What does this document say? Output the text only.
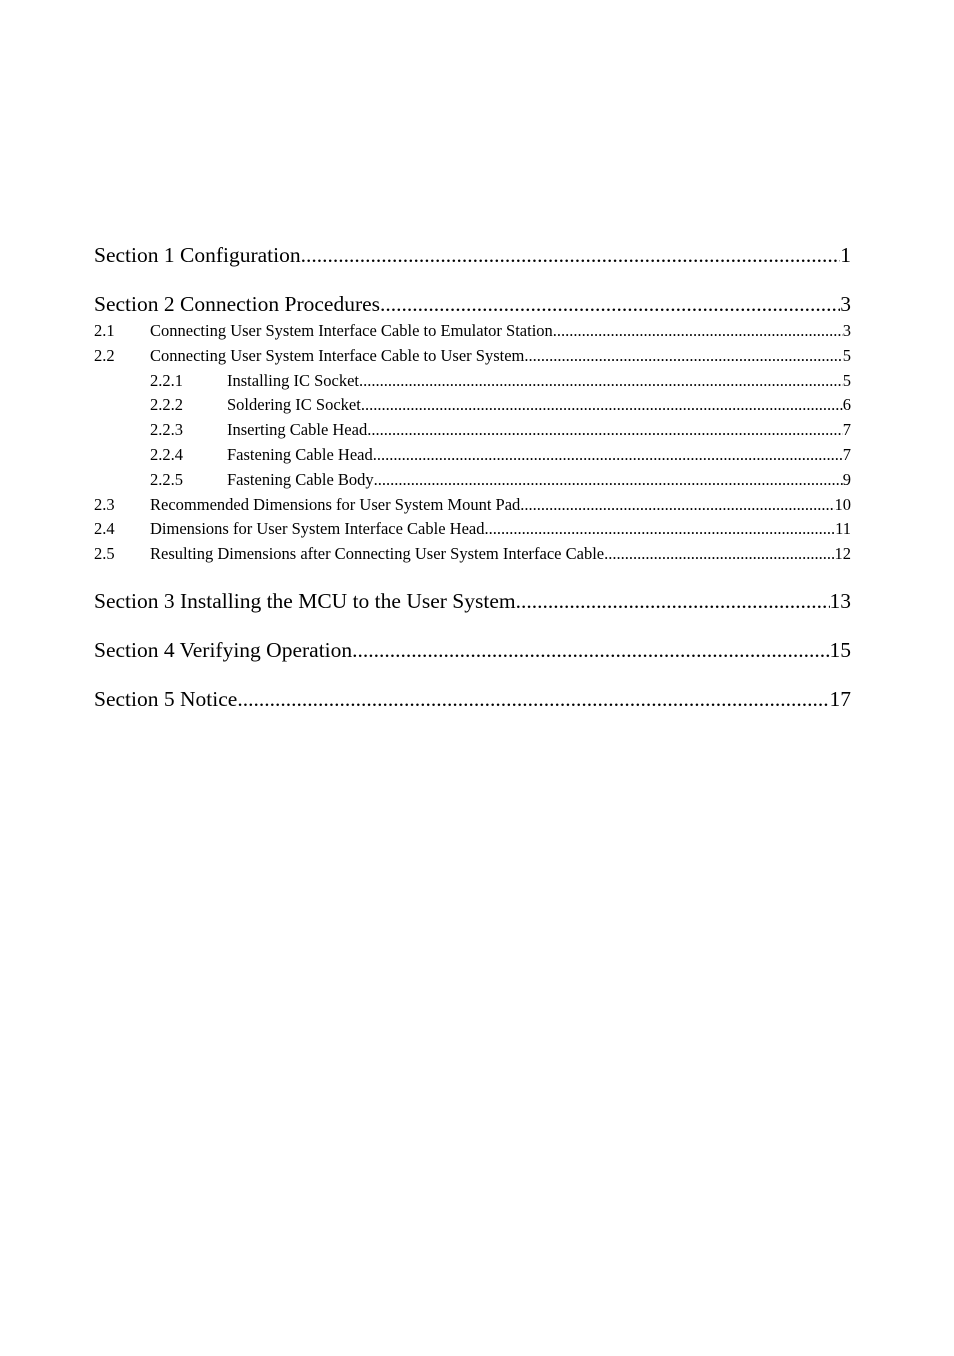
Section 1 Configuration .....	1
Section 2 Connection Procedures .....	3
2.1	Connecting User System Interface Cable to Emulator Station .....	3
2.2	Connecting User System Interface Cable to User System .....	5
2.2.1	Installing IC Socket .....	5
2.2.2	Soldering IC Socket .....	6
2.2.3	Inserting Cable Head .....	7
2.2.4	Fastening Cable Head .....	7
2.2.5	Fastening Cable Body .....	9
2.3	Recommended Dimensions for User System Mount Pad .....	10
2.4	Dimensions for User System Interface Cable Head .....	11
2.5	Resulting Dimensions after Connecting User System Interface Cable .....	12
Section 3 Installing the MCU to the User System .....	13
Section 4 Verifying Operation .....	15
Section 5 Notice .....	17
